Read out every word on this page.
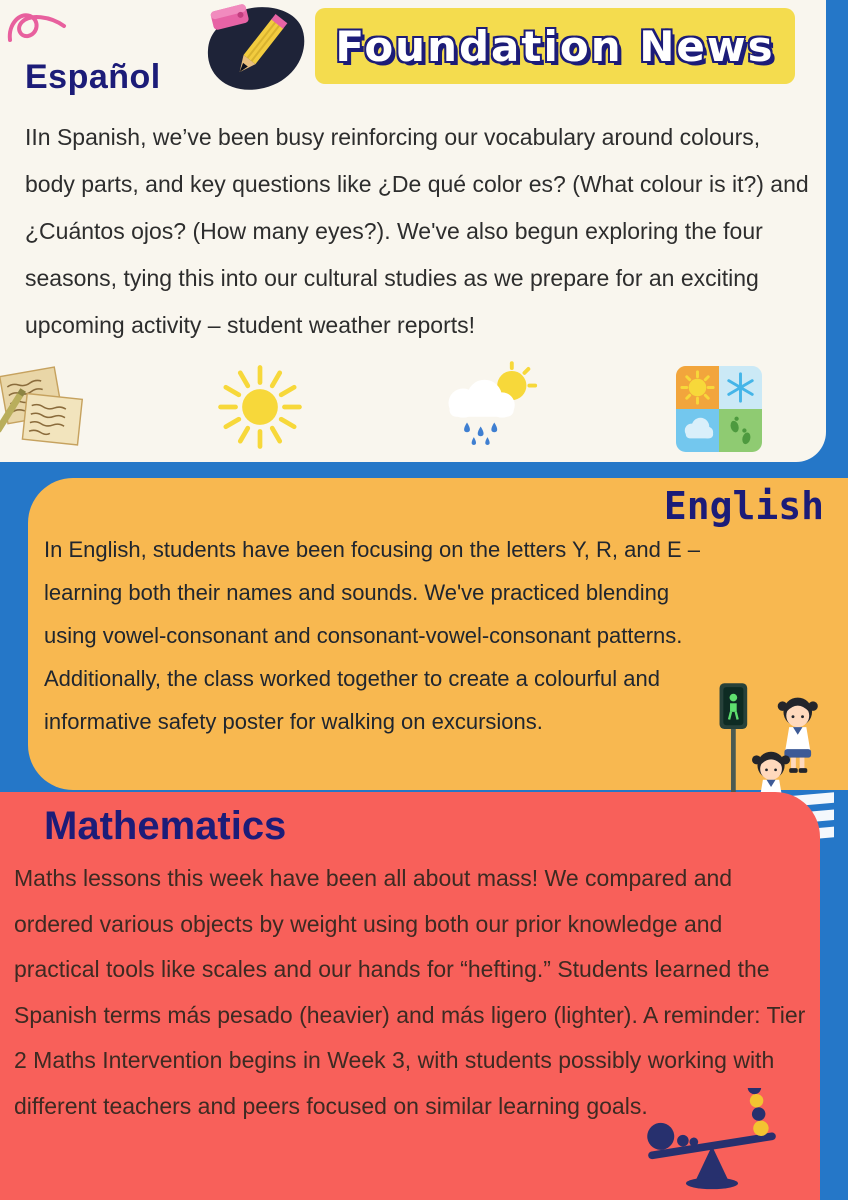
Foundation News
Español

IIn Spanish, we’ve been busy reinforcing our vocabulary around colours, body parts, and key questions like ¿De qué color es? (What colour is it?) and ¿Cuántos ojos? (How many eyes?). We've also begun exploring the four seasons, tying this into our cultural studies as we prepare for an exciting upcoming activity – student weather reports!

English

In English, students have been focusing on the letters Y, R, and E – learning both their names and sounds. We've practiced blending using vowel-consonant and consonant-vowel-consonant patterns. Additionally, the class worked together to create a colourful and informative safety poster for walking on excursions.

Mathematics

Maths lessons this week have been all about mass! We compared and ordered various objects by weight using both our prior knowledge and practical tools like scales and our hands for “hefting.” Students learned the Spanish terms más pesado (heavier) and más ligero (lighter). A reminder: Tier 2 Maths Intervention begins in Week 3, with students possibly working with different teachers and peers focused on similar learning goals.
